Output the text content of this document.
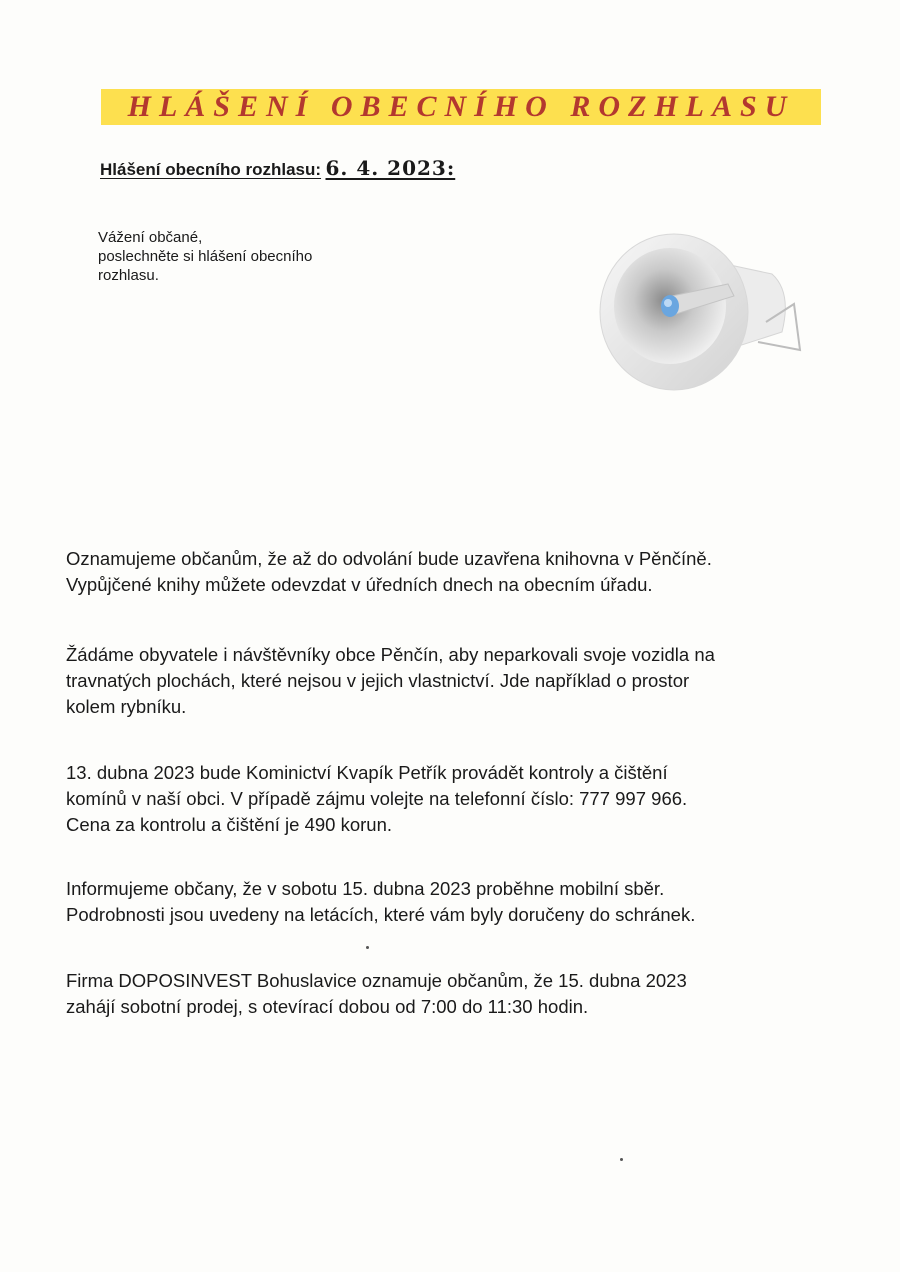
HLÁŠENÍ OBECNÍHO ROZHLASU
Hlášení obecního rozhlasu: 6. 4. 2023:
Vážení občané,
poslechněte si hlášení obecního
rozhlasu.
Oznamujeme občanům, že až do odvolání bude uzavřena knihovna v Pěnčíně.
Vypůjčené knihy můžete odevzdat v úředních dnech na obecním úřadu.
Žádáme obyvatele i návštěvníky obce Pěnčín, aby neparkovali svoje vozidla na
travnatých plochách, které nejsou v jejich vlastnictví. Jde například o prostor
kolem rybníku.
13. dubna 2023 bude Kominictví Kvapík Petřík provádět kontroly a čištění
komínů v naší obci. V případě zájmu volejte na telefonní číslo: 777 997 966.
Cena za kontrolu a čištění je 490 korun.
Informujeme občany, že v sobotu 15. dubna 2023 proběhne mobilní sběr.
Podrobnosti jsou uvedeny na letácích, které vám byly doručeny do schránek.
Firma DOPOSINVEST Bohuslavice oznamuje občanům, že 15. dubna 2023
zahájí sobotní prodej, s otevírací dobou od 7:00 do 11:30 hodin.
